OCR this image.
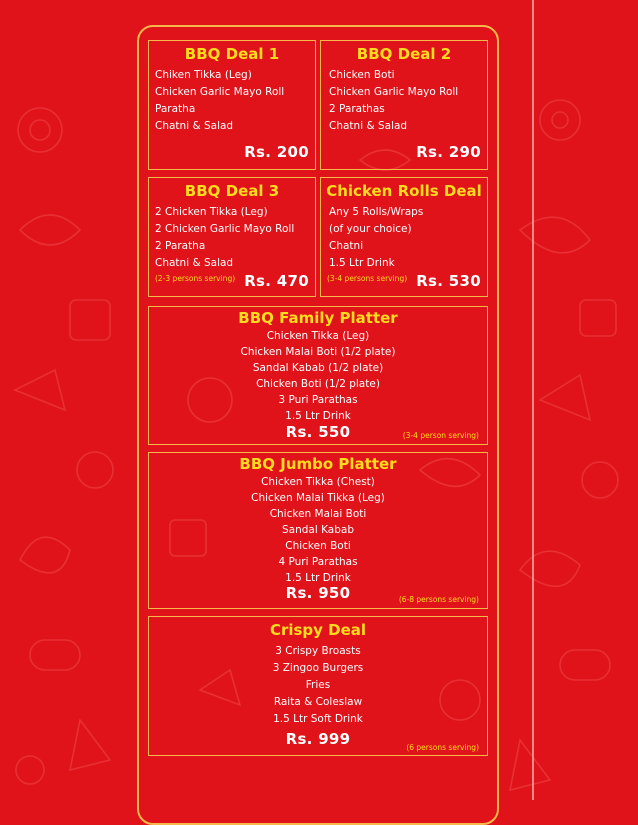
BBQ Deal 1
Chiken Tikka (Leg)
Chicken Garlic Mayo Roll
Paratha
Chatni & Salad
Rs. 200
BBQ Deal 2
Chicken Boti
Chicken Garlic Mayo Roll
2 Parathas
Chatni & Salad
Rs. 290
BBQ Deal 3
2 Chicken Tikka (Leg)
2 Chicken Garlic Mayo Roll
2 Paratha
Chatni & Salad
(2-3 persons serving) Rs. 470
Chicken Rolls Deal
Any 5 Rolls/Wraps
(of your choice)
Chatni
1.5 Ltr Drink
(3-4 persons serving) Rs. 530
BBQ Family Platter
Chicken Tikka (Leg)
Chicken Malai Boti (1/2 plate)
Sandal Kabab (1/2 plate)
Chicken Boti (1/2 plate)
3 Puri Parathas
1.5 Ltr Drink
Rs. 550	(3-4 person serving)
BBQ Jumbo Platter
Chicken Tikka (Chest)
Chicken Malai Tikka (Leg)
Chicken Malai Boti
Sandal Kabab
Chicken Boti
4 Puri Parathas
1.5 Ltr Drink
Rs. 950	(6-8 persons serving)
Crispy Deal
3 Crispy Broasts
3 Zingoo Burgers
Fries
Raita & Coleslaw
1.5 Ltr Soft Drink
Rs. 999	(6 persons serving)
